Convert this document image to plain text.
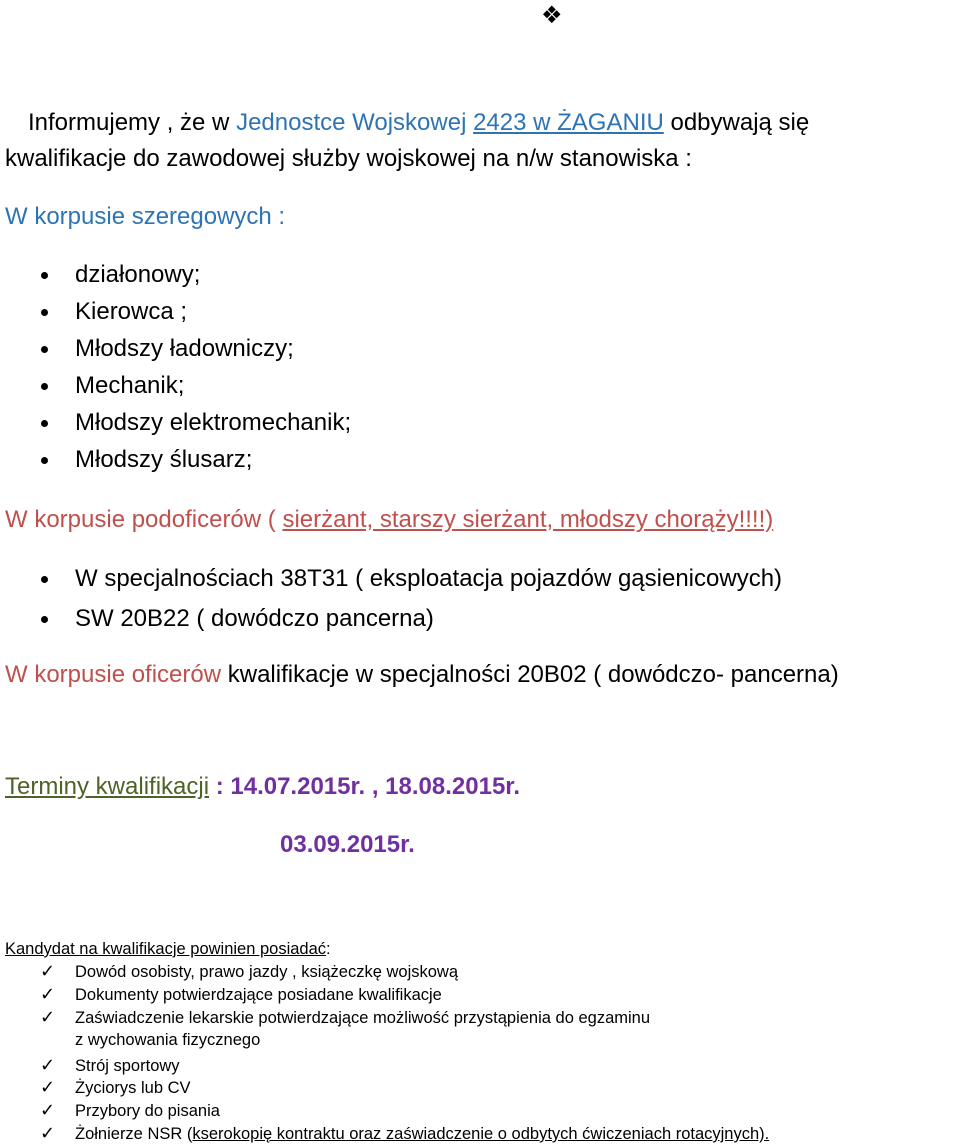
❖
Informujemy , że w Jednostce Wojskowej 2423 w ŻAGANIU odbywają się
kwalifikacje do zawodowej służby wojskowej na n/w stanowiska :
W korpusie szeregowych :
działonowy;
Kierowca ;
Młodszy ładowniczy;
Mechanik;
Młodszy elektromechanik;
Młodszy ślusarz;
W korpusie podoficerów ( sierżant, starszy sierżant, młodszy chorąży!!!!)
W specjalnościach 38T31 ( eksploatacja pojazdów gąsienicowych)
SW 20B22 ( dowódczo pancerna)
W korpusie oficerów kwalifikacje w specjalności 20B02 ( dowódczo- pancerna)
Terminy kwalifikacji : 14.07.2015r. , 18.08.2015r.
03.09.2015r.
Kandydat na kwalifikacje powinien posiadać:
✓ Dowód osobisty, prawo jazdy , książeczkę wojskową
✓ Dokumenty potwierdzające posiadane kwalifikacje
✓ Zaświadczenie lekarskie potwierdzające możliwość przystąpienia do egzaminu
z wychowania fizycznego
✓ Strój sportowy
✓ Życiorys lub CV
✓ Przybory do pisania
✓ Żołnierze NSR (kserokopię kontraktu oraz zaświadczenie o odbytych ćwiczeniach rotacyjnych).
